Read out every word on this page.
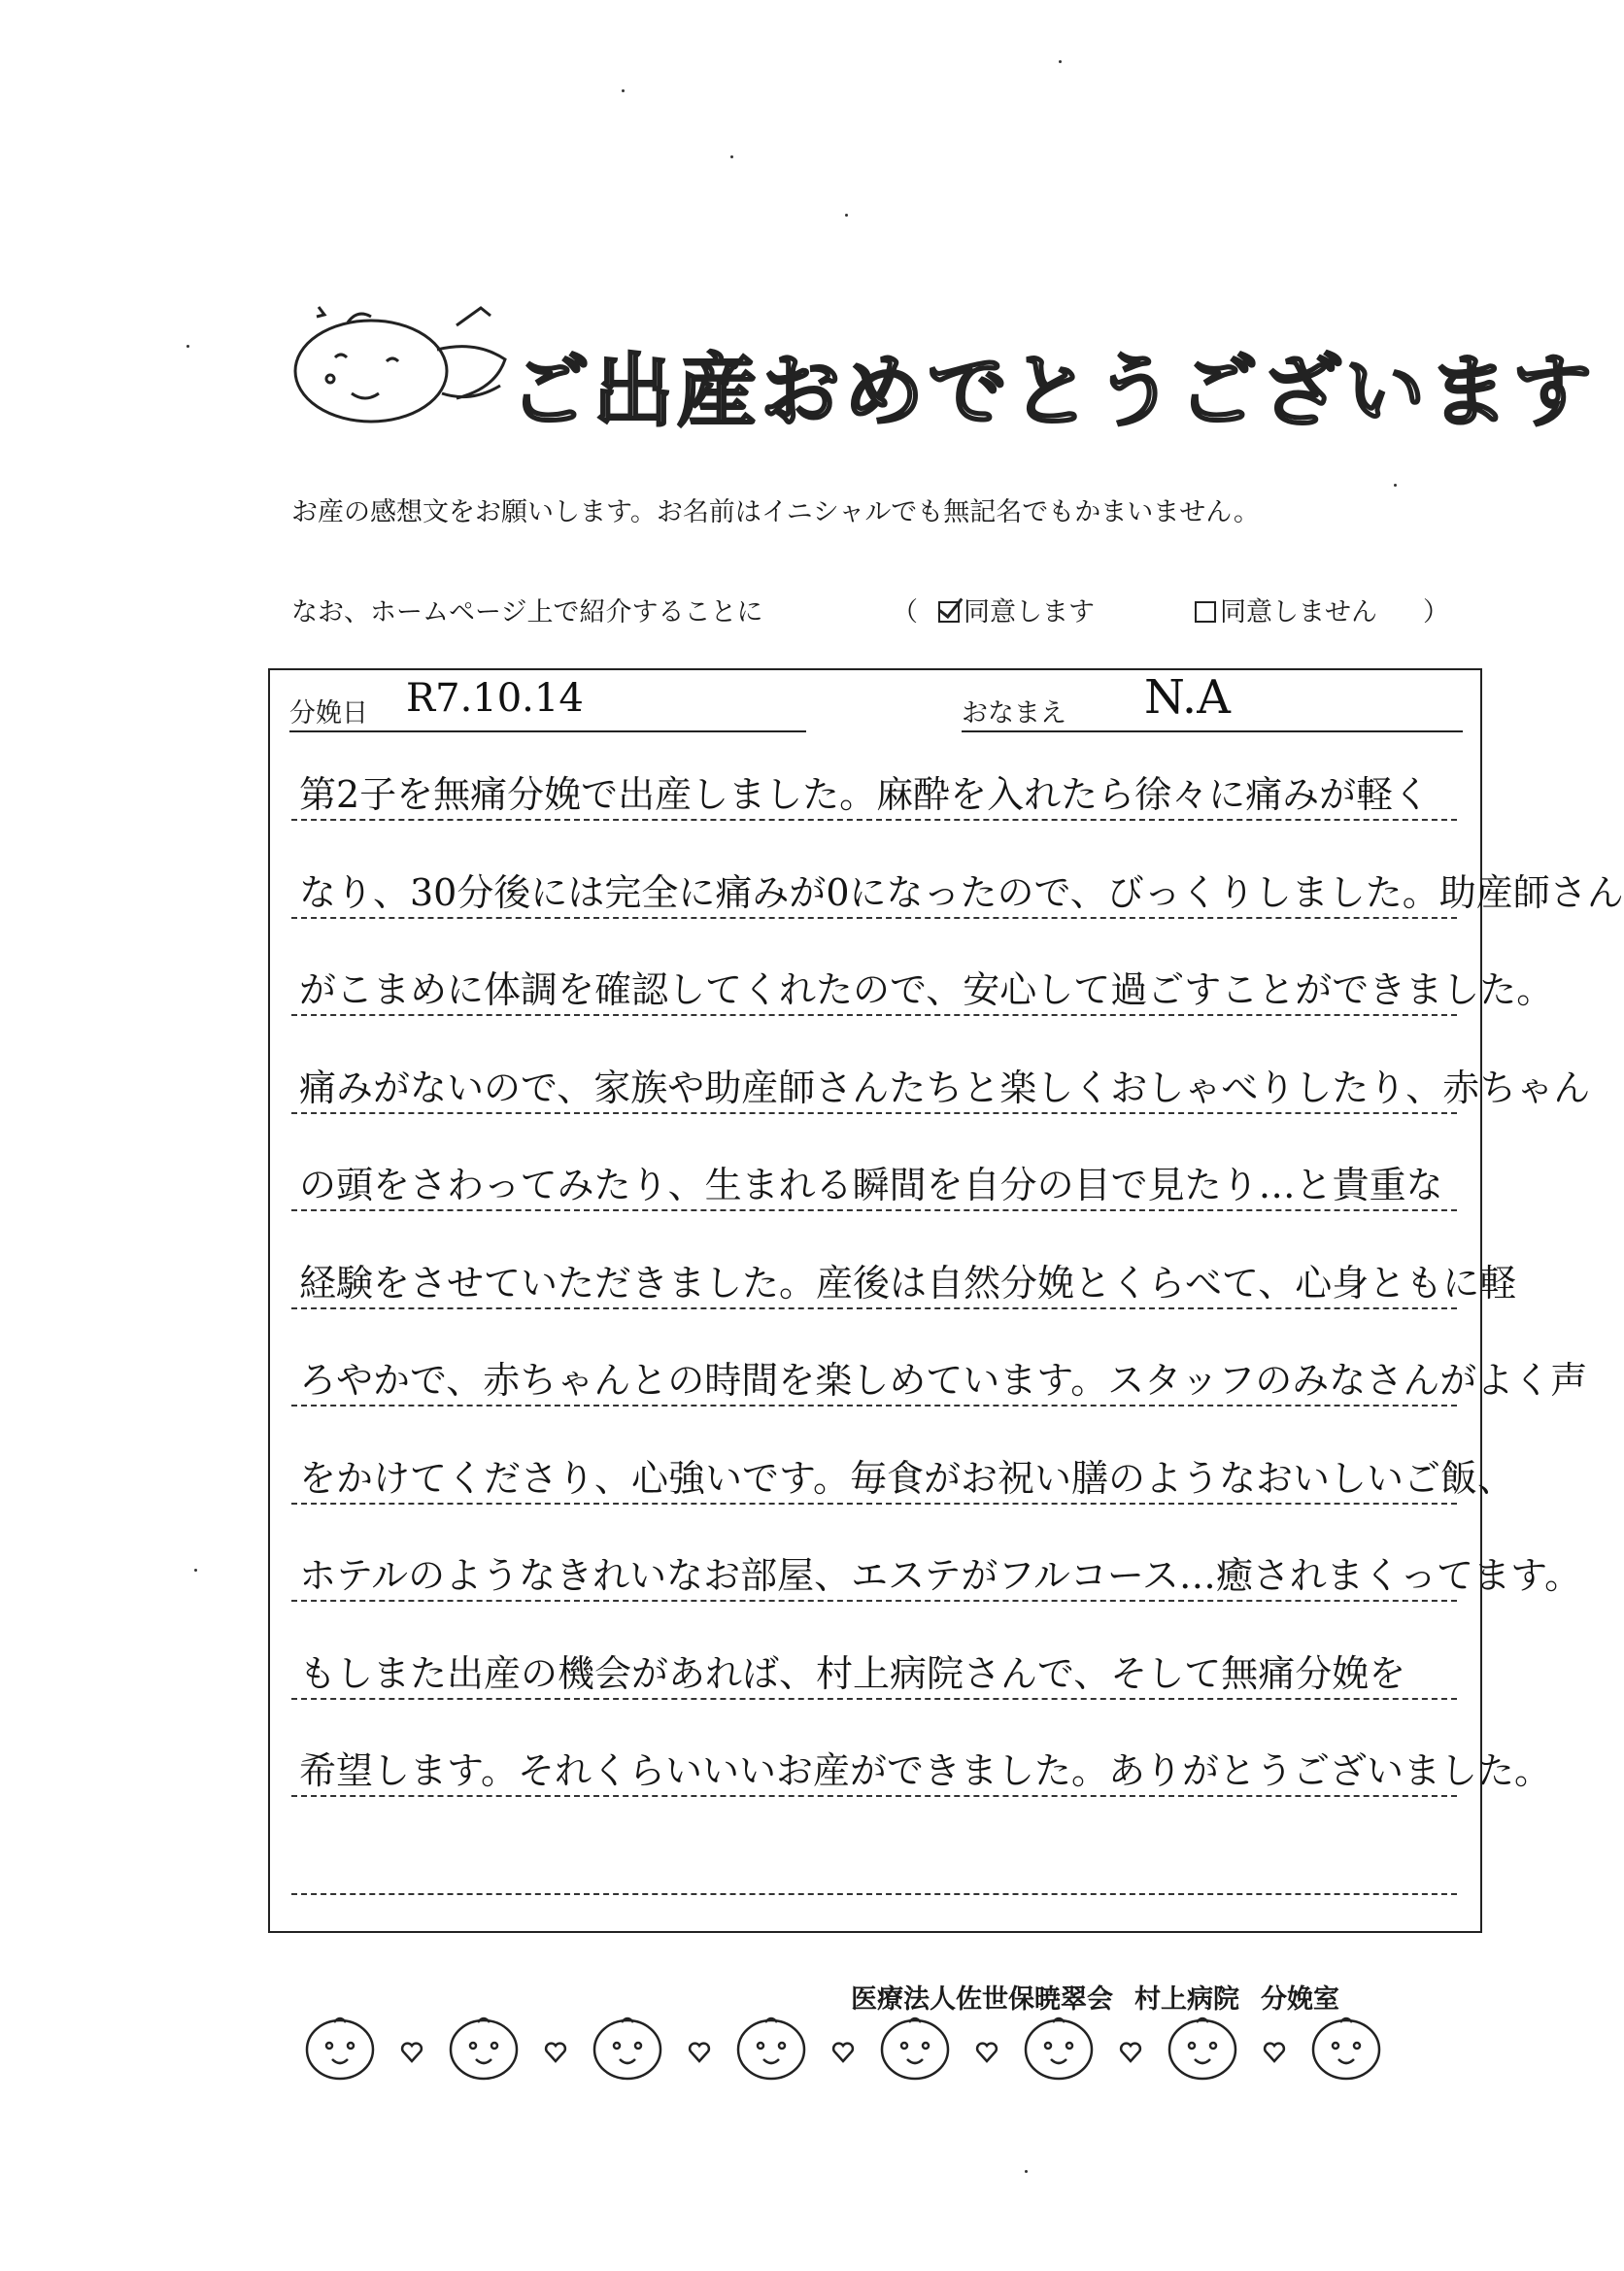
ご出産おめでとうございます
お産の感想文をお願いします。お名前はイニシャルでも無記名でもかまいません。
なお、ホームページ上で紹介することに	（	同意します	同意しません ）
分娩日 R7.10.14	おなまえ N.A
第2子を無痛分娩で出産しました。麻酔を入れたら徐々に痛みが軽く
なり、30分後には完全に痛みが0になったので、びっくりしました。助産師さん
がこまめに体調を確認してくれたので、安心して過ごすことができました。
痛みがないので、家族や助産師さんたちと楽しくおしゃべりしたり、赤ちゃん
の頭をさわってみたり、生まれる瞬間を自分の目で見たり…と貴重な
経験をさせていただきました。産後は自然分娩とくらべて、心身ともに軽
ろやかで、赤ちゃんとの時間を楽しめています。スタッフのみなさんがよく声
をかけてくださり、心強いです。毎食がお祝い膳のようなおいしいご飯、
ホテルのようなきれいなお部屋、エステがフルコース…癒されまくってます。
もしまた出産の機会があれば、村上病院さんで、そして無痛分娩を
希望します。それくらいいいお産ができました。ありがとうございました。
医療法人佐世保暁翠会 村上病院 分娩室
